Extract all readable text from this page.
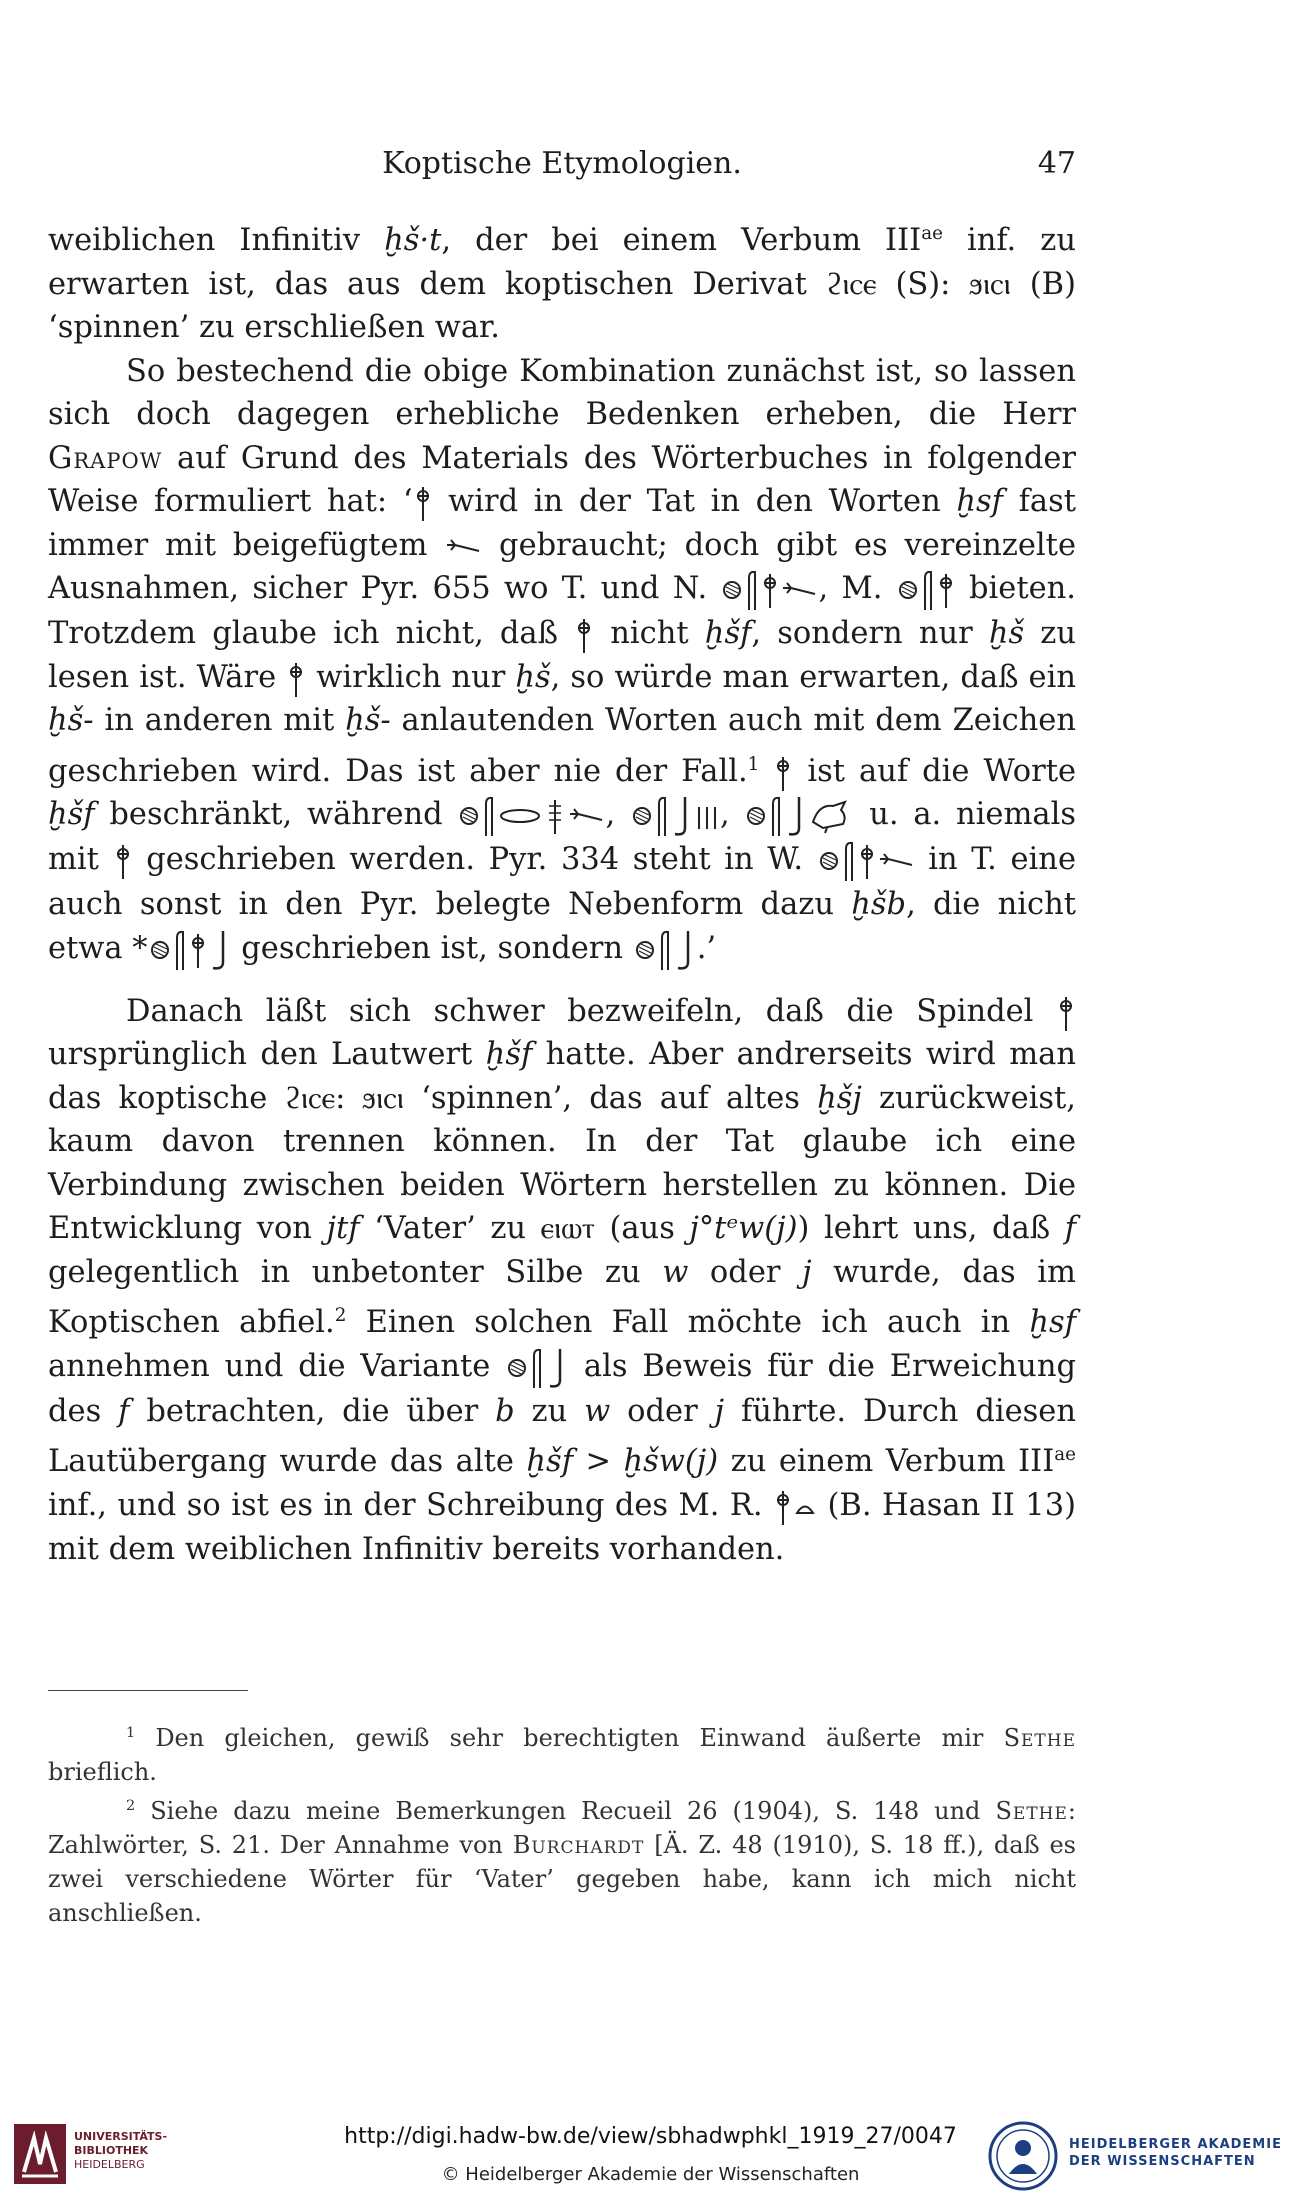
Koptische Etymologien.	47

weiblichen Infinitiv ḫš·t, der bei einem Verbum $III^{ae}$ inf. zu erwarten ist, das aus dem koptischen Derivat ϩⲓⲥⲉ (S): ϧⲓⲥⲓ (B) ‘spinnen’ zu erschließen war.

So bestechend die obige Kombination zunächst ist, so lassen sich doch dagegen erhebliche Bedenken erheben, die Herr Grapow auf Grund des Materials des Wörterbuches in folgender Weise formuliert hat: ‘
wird in der Tat in den Worten ḫsf fast immer mit beigefügtem
gebraucht; doch gibt es vereinzelte Ausnahmen, sicher Pyr. 655 wo T. und N.	, M.
bieten. Trotzdem glaube ich nicht, daß
nicht ḫšf, sondern nur ḫš zu lesen ist. Wäre
wirklich nur ḫš, so würde man erwarten, daß ein ḫš- in anderen mit ḫš- anlautenden Worten auch mit dem Zeichen geschrieben wird. Das ist aber nie der Fall.$^1$
ist auf die Worte ḫšf beschränkt, während	,	,	u. a. niemals mit
geschrieben werden. Pyr. 334 steht in W.	in T. eine auch sonst in den Pyr. belegte Nebenform dazu ḫšb, die nicht etwa *	geschrieben ist, sondern
.’

Danach läßt sich schwer bezweifeln, daß die Spindel
ursprünglich den Lautwert ḫšf hatte. Aber andrerseits wird man das koptische ϩⲓⲥⲉ: ϧⲓⲥⲓ ‘spinnen’, das auf altes ḫšj zurückweist, kaum davon trennen können. In der Tat glaube ich eine Verbindung zwischen beiden Wörtern herstellen zu können. Die Entwicklung von jtf ‘Vater’ zu ⲉⲓⲱⲧ (aus j°tᵉw(j)) lehrt uns, daß f gelegentlich in unbetonter Silbe zu w oder j wurde, das im Koptischen abfiel.$^2$ Einen solchen Fall möchte ich auch in ḫsf annehmen und die Variante
als Beweis für die Erweichung des f betrachten, die über b zu w oder j führte. Durch diesen Lautübergang wurde das alte ḫšf > ḫšw(j) zu einem Verbum $III^{ae}$ inf., und so ist es in der Schreibung des M. R.
(B. Hasan II 13) mit dem weiblichen Infinitiv bereits vorhanden.

$^1$ Den gleichen, gewiß sehr berechtigten Einwand äußerte mir Sethe brieflich.

$^2$ Siehe dazu meine Bemerkungen Recueil 26 (1904), S. 148 und Sethe: Zahlwörter, S. 21. Der Annahme von Burchardt [Ä. Z. 48 (1910), S. 18 ff.), daß es zwei verschiedene Wörter für ‘Vater’ gegeben habe, kann ich mich nicht anschließen.

UNIVERSITÄTS-
BIBLIOTHEK
HEIDELBERG
http://digi.hadw-bw.de/view/sbhadwphkl_1919_27/0047
© Heidelberger Akademie der Wissenschaften
HEIDELBERGER AKADEMIE
DER WISSENSCHAFTEN
